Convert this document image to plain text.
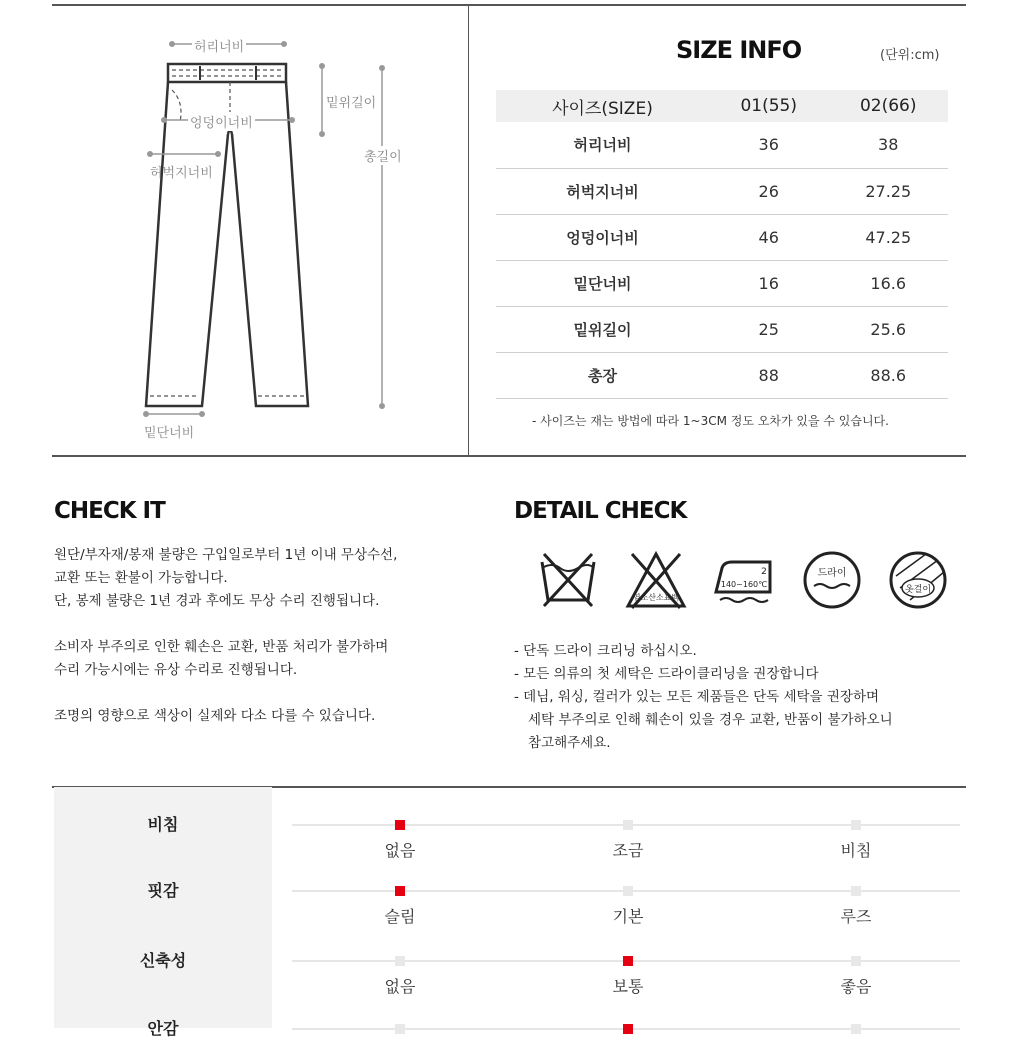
허리너비
밑위길이
엉덩이너비
총길이
허벅지너비
밑단너비
SIZE INFO	(단위:cm)
사이즈(SIZE)	01(55)	02(66)
허리너비	36	38
허벅지너비	26	27.25
엉덩이너비	46	47.25
밑단너비	16	16.6
밑위길이	25	25.6
총장	88	88.6
- 사이즈는 재는 방법에 따라 1~3CM 정도 오차가 있을 수 있습니다.
CHECK IT
원단/부자재/봉재 불량은 구입일로부터 1년 이내 무상수선,
교환 또는 환불이 가능합니다.
단, 봉제 불량은 1년 경과 후에도 무상 수리 진행됩니다.
소비자 부주의로 인한 훼손은 교환, 반품 처리가 불가하며
수리 가능시에는 유상 수리로 진행됩니다.
조명의 영향으로 색상이 실제와 다소 다를 수 있습니다.
DETAIL CHECK
염소산소표백
2
140~160℃
드라이
옷걸이
- 단독 드라이 크리닝 하십시오.
- 모든 의류의 첫 세탁은 드라이클리닝을 권장합니다
- 데님, 워싱, 컬러가 있는 모든 제품들은 단독 세탁을 권장하며
세탁 부주의로 인해 훼손이 있을 경우 교환, 반품이 불가하오니
참고해주세요.
비침
없음	조금	비침
핏감
슬림	기본	루즈
신축성
없음	보통	좋음
안감
